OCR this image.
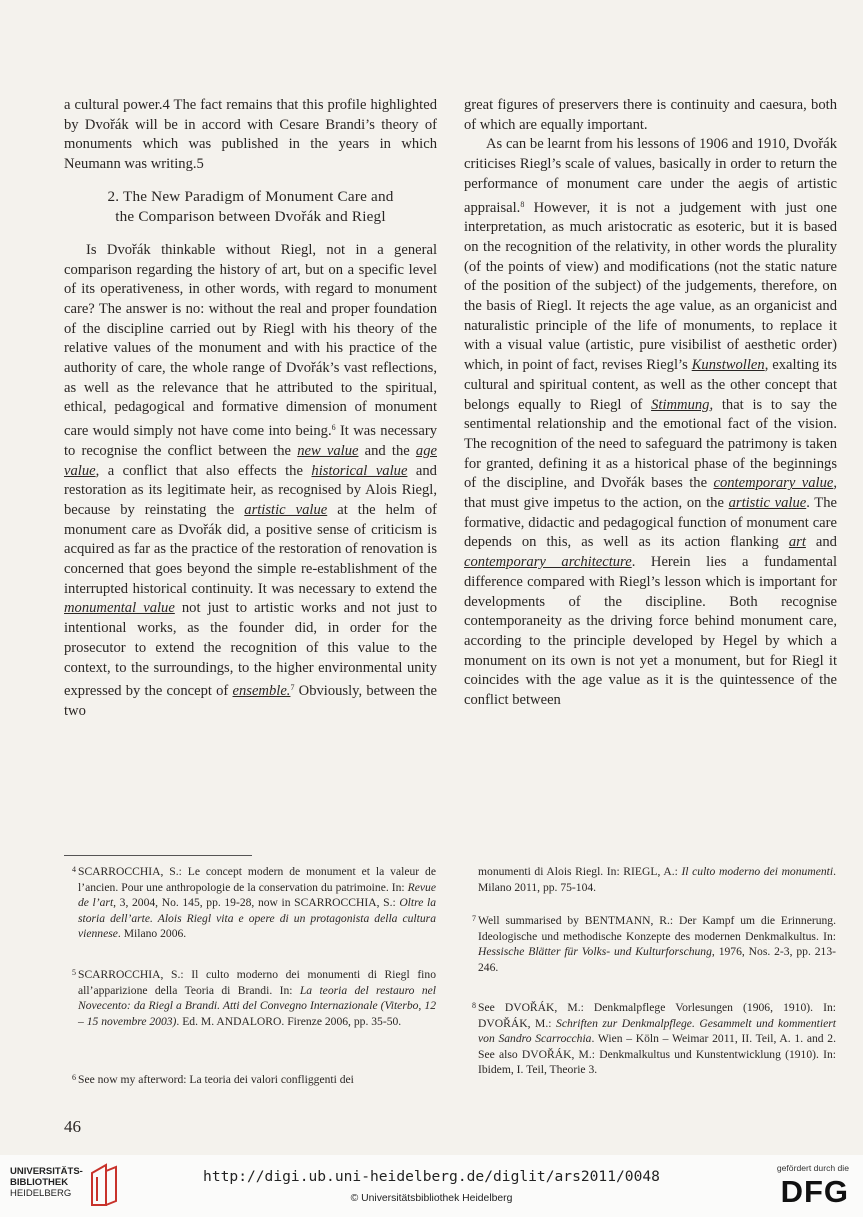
a cultural power.4 The fact remains that this profile highlighted by Dvořák will be in accord with Cesare Brandi’s theory of monuments which was published in the years in which Neumann was writing.5

2. The New Paradigm of Monument Care and
the Comparison between Dvořák and Riegl

Is Dvořák thinkable without Riegl, not in a general comparison regarding the history of art, but on a specific level of its operativeness, in other words, with regard to monument care? The answer is no: without the real and proper foundation of the discipline carried out by Riegl with his theory of the relative values of the monument and with his practice of the authority of care, the whole range of Dvořák’s vast reflections, as well as the relevance that he attributed to the spiritual, ethical, pedagogical and formative dimension of monument care would simply not have come into being.$^6$ It was necessary to recognise the conflict between the new value and the age value, a conflict that also effects the historical value and restoration as its legitimate heir, as recognised by Alois Riegl, because by reinstating the artistic value at the helm of monument care as Dvořák did, a positive sense of criticism is acquired as far as the practice of the restoration of renovation is concerned that goes beyond the simple re-establishment of the interrupted historical continuity. It was necessary to extend the monumental value not just to artistic works and not just to intentional works, as the founder did, in order for the prosecutor to extend the recognition of this value to the context, to the surroundings, to the higher environmental unity expressed by the concept of ensemble.$^7$ Obviously, between the two

great figures of preservers there is continuity and caesura, both of which are equally important.

As can be learnt from his lessons of 1906 and 1910, Dvořák criticises Riegl’s scale of values, basically in order to return the performance of monument care under the aegis of artistic appraisal.$^8$ However, it is not a judgement with just one interpretation, as much aristocratic as esoteric, but it is based on the recognition of the relativity, in other words the plurality (of the points of view) and modifications (not the static nature of the position of the subject) of the judgements, therefore, on the basis of Riegl. It rejects the age value, as an organicist and naturalistic principle of the life of monuments, to replace it with a visual value (artistic, pure visibilist of aesthetic order) which, in point of fact, revises Riegl’s Kunstwollen, exalting its cultural and spiritual content, as well as the other concept that belongs equally to Riegl of Stimmung, that is to say the sentimental relationship and the emotional fact of the vision. The recognition of the need to safeguard the patrimony is taken for granted, defining it as a historical phase of the beginnings of the discipline, and Dvořák bases the contemporary value, that must give impetus to the action, on the artistic value. The formative, didactic and pedagogical function of monument care depends on this, as well as its action flanking art and contemporary architecture. Herein lies a fundamental difference compared with Riegl’s lesson which is important for developments of the discipline. Both recognise contemporaneity as the driving force behind monument care, according to the principle developed by Hegel by which a monument on its own is not yet a monument, but for Riegl it coincides with the age value as it is the quintessence of the conflict between

4 SCARROCCHIA, S.: Le concept modern de monument et la valeur de l’ancien. Pour une anthropologie de la conservation du patrimoine. In: Revue de l’art, 3, 2004, No. 145, pp. 19-28, now in SCARROCCHIA, S.: Oltre la storia dell’arte. Alois Riegl vita e opere di un protagonista della cultura viennese. Milano 2006.
5 SCARROCCHIA, S.: Il culto moderno dei monumenti di Riegl fino all’apparizione della Teoria di Brandi. In: La teoria del restauro nel Novecento: da Riegl a Brandi. Atti del Convegno Internazionale (Viterbo, 12 – 15 novembre 2003). Ed. M. ANDALORO. Firenze 2006, pp. 35-50.
6 See now my afterword: La teoria dei valori confliggenti dei
monumenti di Alois Riegl. In: RIEGL, A.: Il culto moderno dei monumenti. Milano 2011, pp. 75-104.
7 Well summarised by BENTMANN, R.: Der Kampf um die Erinnerung. Ideologische und methodische Konzepte des modernen Denkmalkultus. In: Hessische Blätter für Volks- und Kulturforschung, 1976, Nos. 2-3, pp. 213-246.
8 See DVOŘÁK, M.: Denkmalpflege Vorlesungen (1906, 1910). In: DVOŘÁK, M.: Schriften zur Denkmalpflege. Gesammelt und kommentiert von Sandro Scarrocchia. Wien – Köln – Weimar 2011, II. Teil, A. 1. and 2. See also DVOŘÁK, M.: Denkmalkultus und Kunstentwicklung (1910). In: Ibidem, I. Teil, Theorie 3.
46
UNIVERSITÄTS-
BIBLIOTHEK
HEIDELBERG
http://digi.ub.uni-heidelberg.de/diglit/ars2011/0048
© Universitätsbibliothek Heidelberg
gefördert durch die
DFG
